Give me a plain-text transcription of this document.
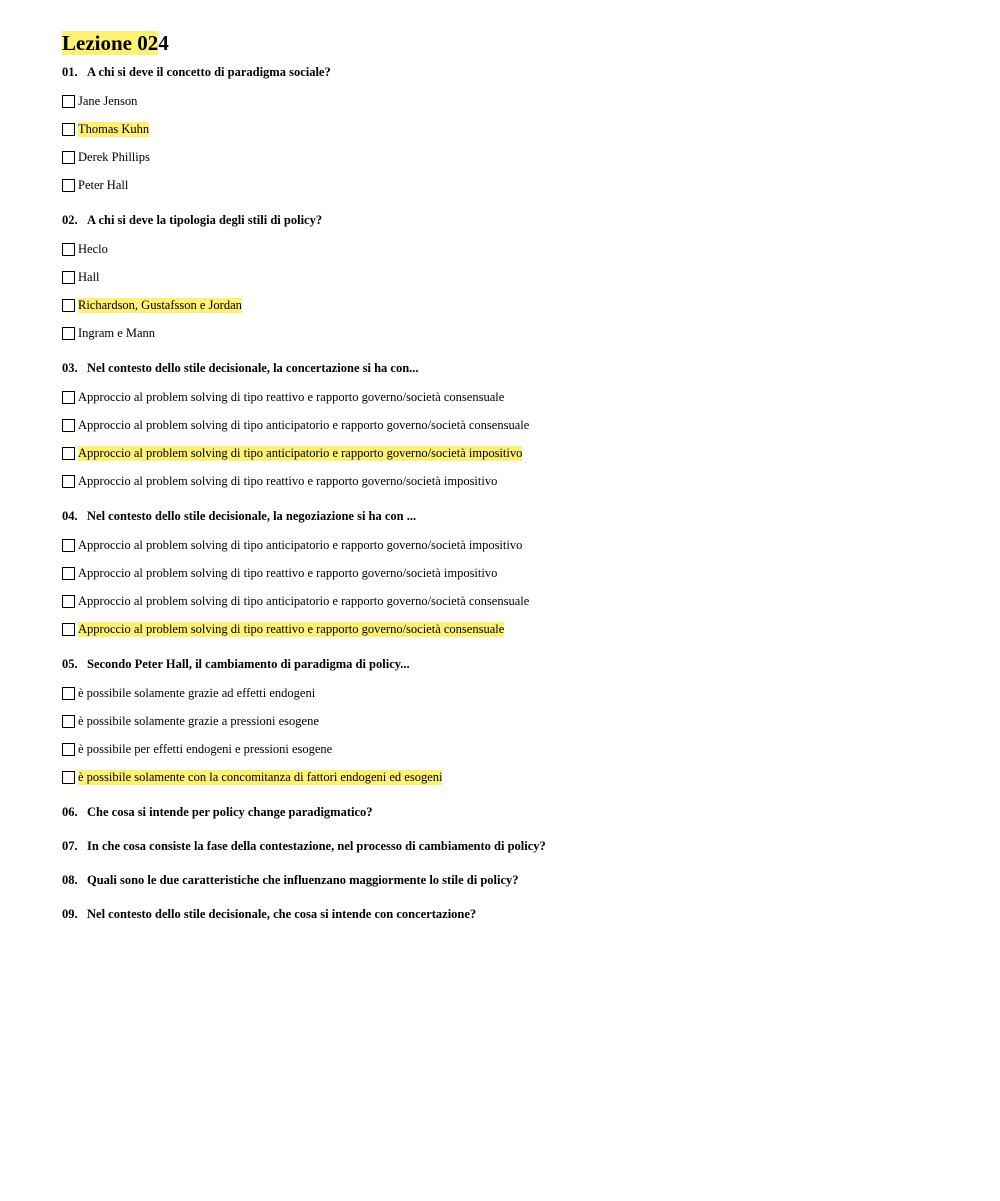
Lezione 024
01. A chi si deve il concetto di paradigma sociale?
Jane Jenson
Thomas Kuhn
Derek Phillips
Peter Hall
02. A chi si deve la tipologia degli stili di policy?
Heclo
Hall
Richardson, Gustafsson e Jordan
Ingram e Mann
03. Nel contesto dello stile decisionale, la concertazione si ha con...
Approccio al problem solving di tipo reattivo e rapporto governo/società consensuale
Approccio al problem solving di tipo anticipatorio e rapporto governo/società consensuale
Approccio al problem solving di tipo anticipatorio e rapporto governo/società impositivo
Approccio al problem solving di tipo reattivo e rapporto governo/società impositivo
04. Nel contesto dello stile decisionale, la negoziazione si ha con ...
Approccio al problem solving di tipo anticipatorio e rapporto governo/società impositivo
Approccio al problem solving di tipo reattivo e rapporto governo/società impositivo
Approccio al problem solving di tipo anticipatorio e rapporto governo/società consensuale
Approccio al problem solving di tipo reattivo e rapporto governo/società consensuale
05. Secondo Peter Hall, il cambiamento di paradigma di policy...
è possibile solamente grazie ad effetti endogeni
è possibile solamente grazie a pressioni esogene
è possibile per effetti endogeni e pressioni esogene
è possibile solamente con la concomitanza di fattori endogeni ed esogeni
06. Che cosa si intende per policy change paradigmatico?
07. In che cosa consiste la fase della contestazione, nel processo di cambiamento di policy?
08. Quali sono le due caratteristiche che influenzano maggiormente lo stile di policy?
09. Nel contesto dello stile decisionale, che cosa si intende con concertazione?
